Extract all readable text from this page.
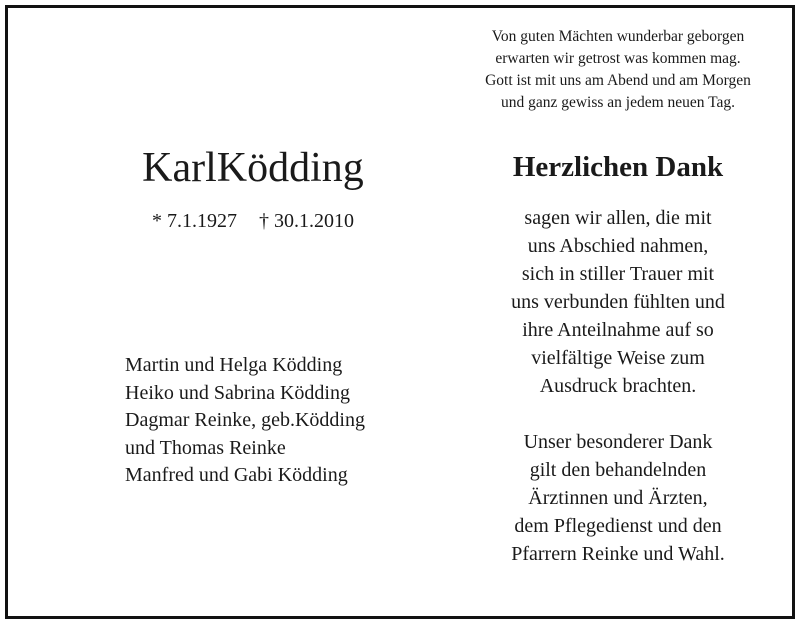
Von guten Mächten wunderbar geborgen
erwarten wir getrost was kommen mag.
Gott ist mit uns am Abend und am Morgen
und ganz gewiss an jedem neuen Tag.
KarlKödding
* 7.1.1927 † 30.1.2010
Martin und Helga Ködding
Heiko und Sabrina Ködding
Dagmar Reinke, geb.Ködding
und Thomas Reinke
Manfred und Gabi Ködding
Herzlichen Dank
sagen wir allen, die mit
uns Abschied nahmen,
sich in stiller Trauer mit
uns verbunden fühlten und
ihre Anteilnahme auf so
vielfältige Weise zum
Ausdruck brachten.
Unser besonderer Dank
gilt den behandelnden
Ärztinnen und Ärzten,
dem Pflegedienst und den
Pfarrern Reinke und Wahl.
